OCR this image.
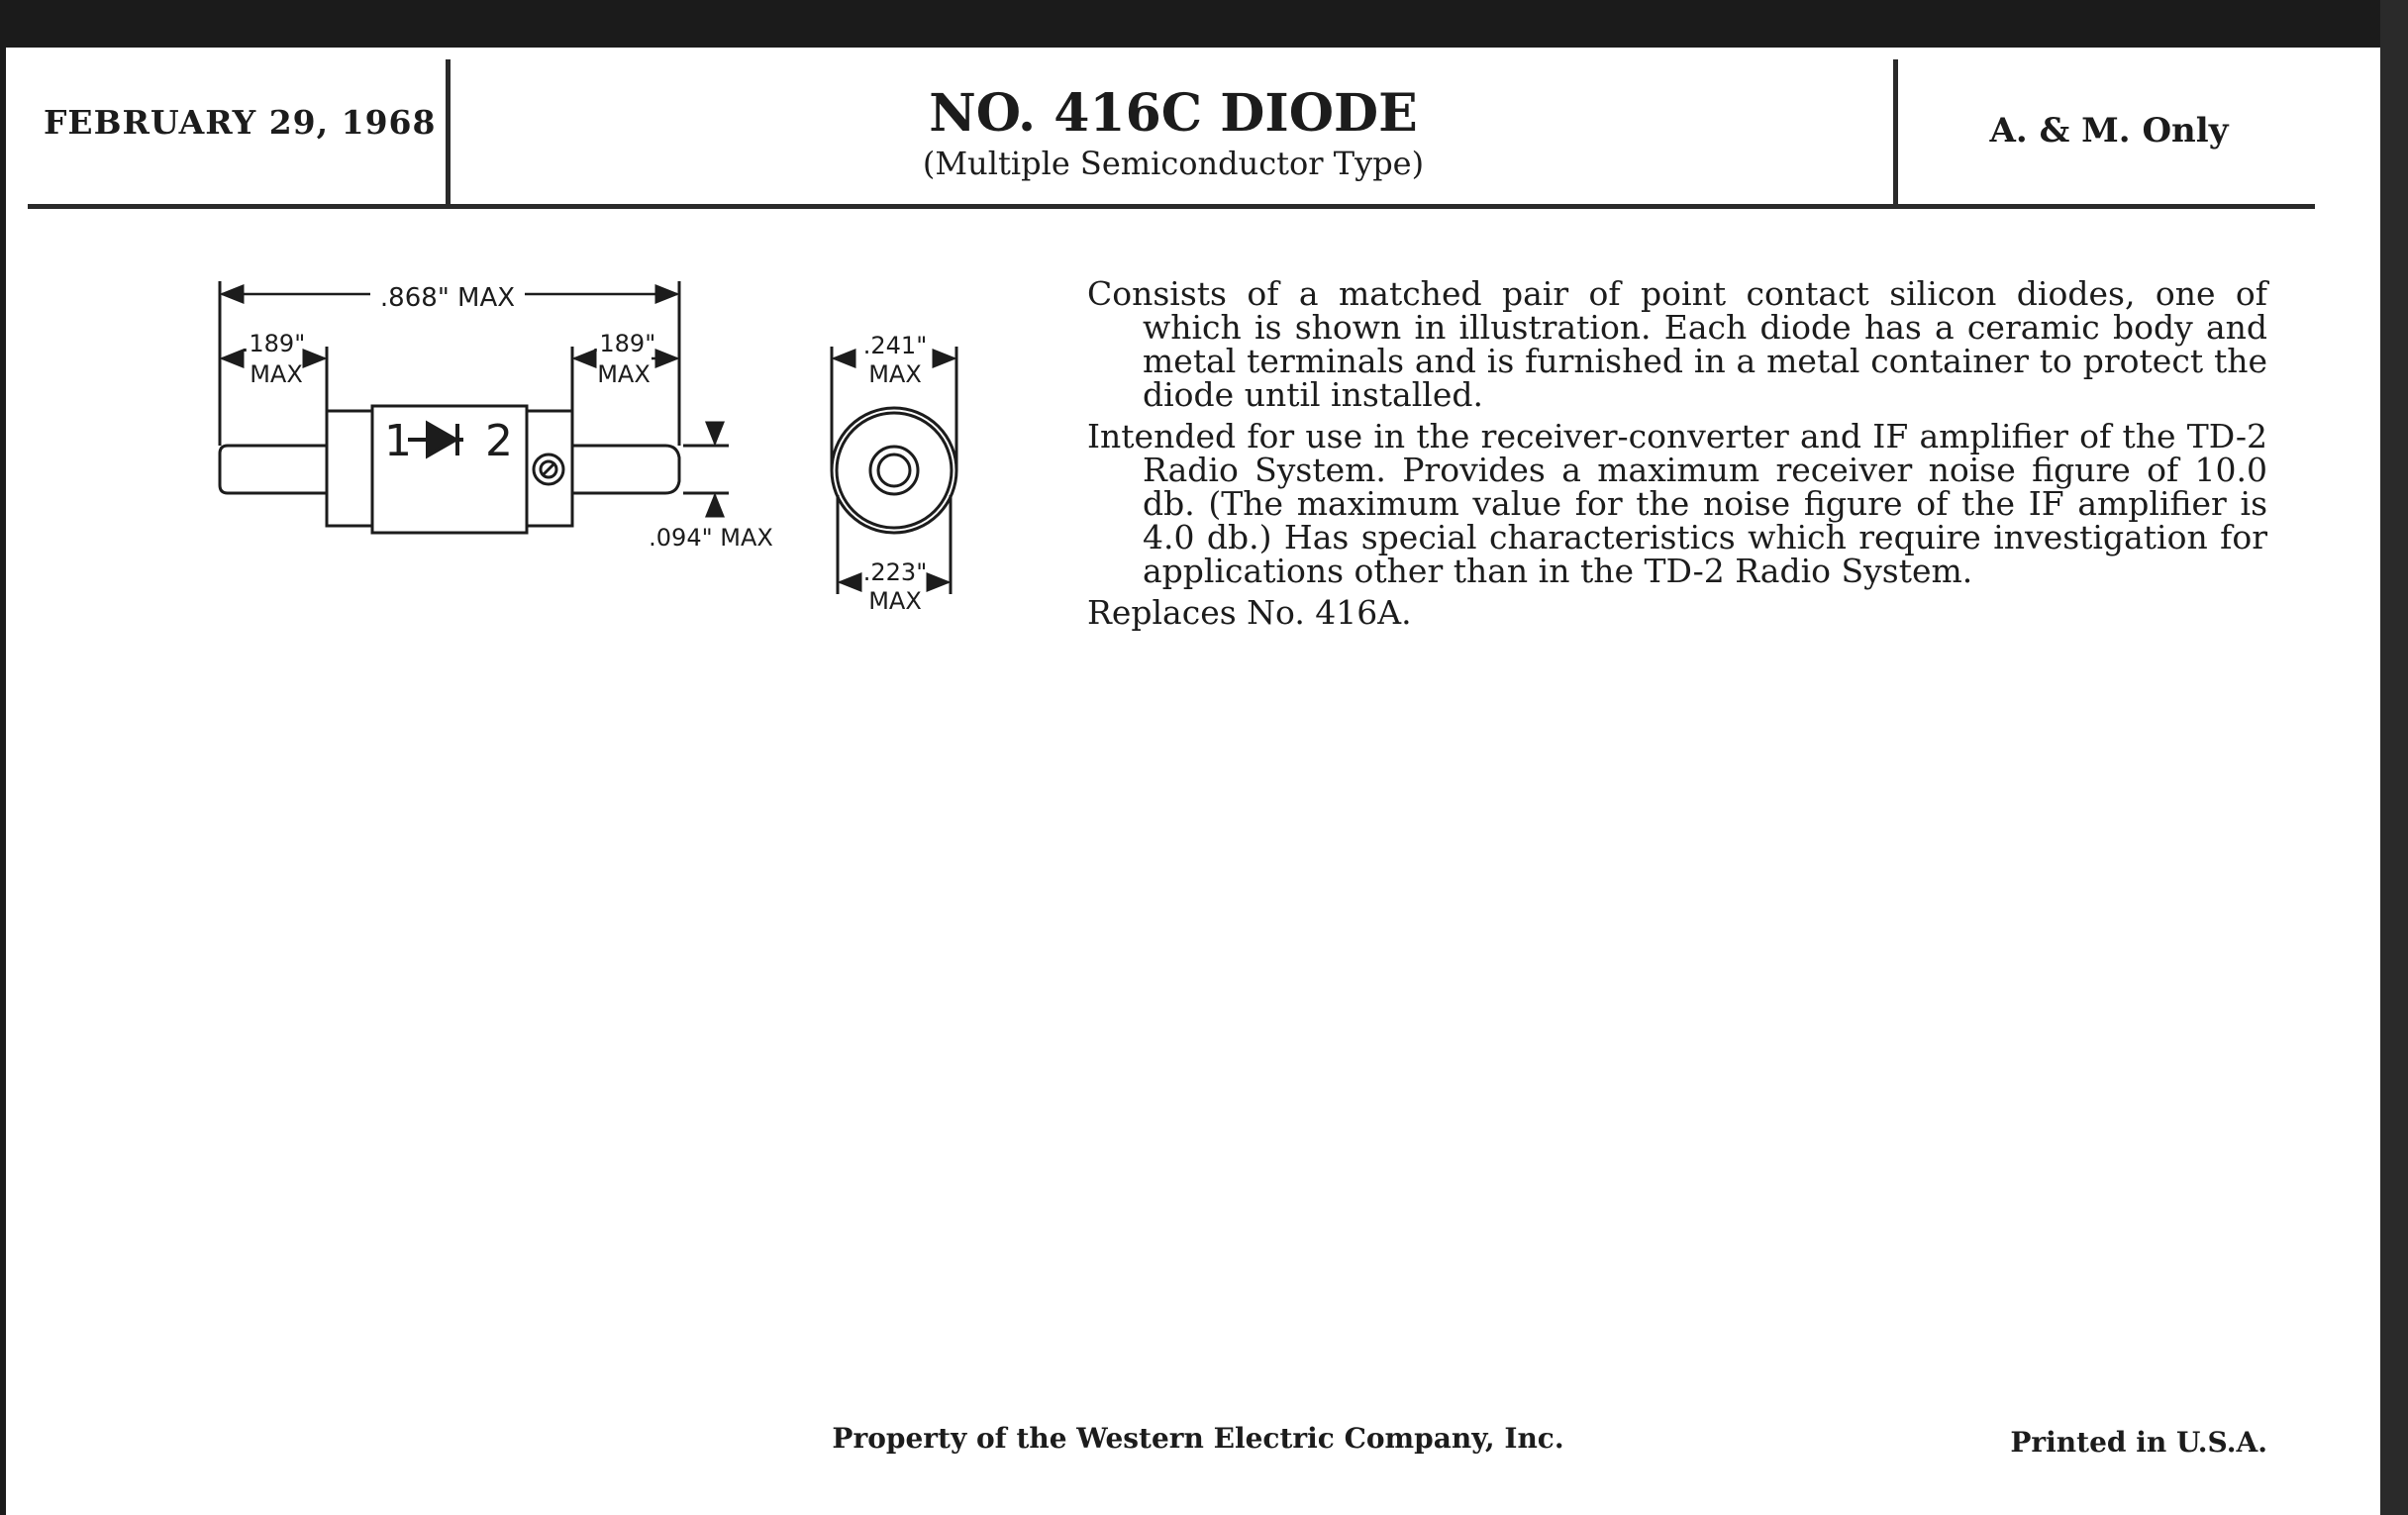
FEBRUARY 29, 1968	NO. 416C DIODE
(Multiple Semiconductor Type)
A. & M. Only
1 2
.868" MAX
.189"
MAX
.189"
MAX
.094" MAX
.241"
MAX
.223"
MAX

Consists of a matched pair of point contact silicon diodes, one of which is shown in illustration. Each diode has a ceramic body and metal terminals and is furnished in a metal container to protect the diode until installed.

Intended for use in the receiver-converter and IF amplifier of the TD-2 Radio System. Provides a maximum receiver noise figure of 10.0 db. (The maximum value for the noise figure of the IF amplifier is 4.0 db.) Has special characteristics which require investigation for applications other than in the TD-2 Radio System.

Replaces No. 416A.

Property of the Western Electric Company, Inc.	Printed in U.S.A.
